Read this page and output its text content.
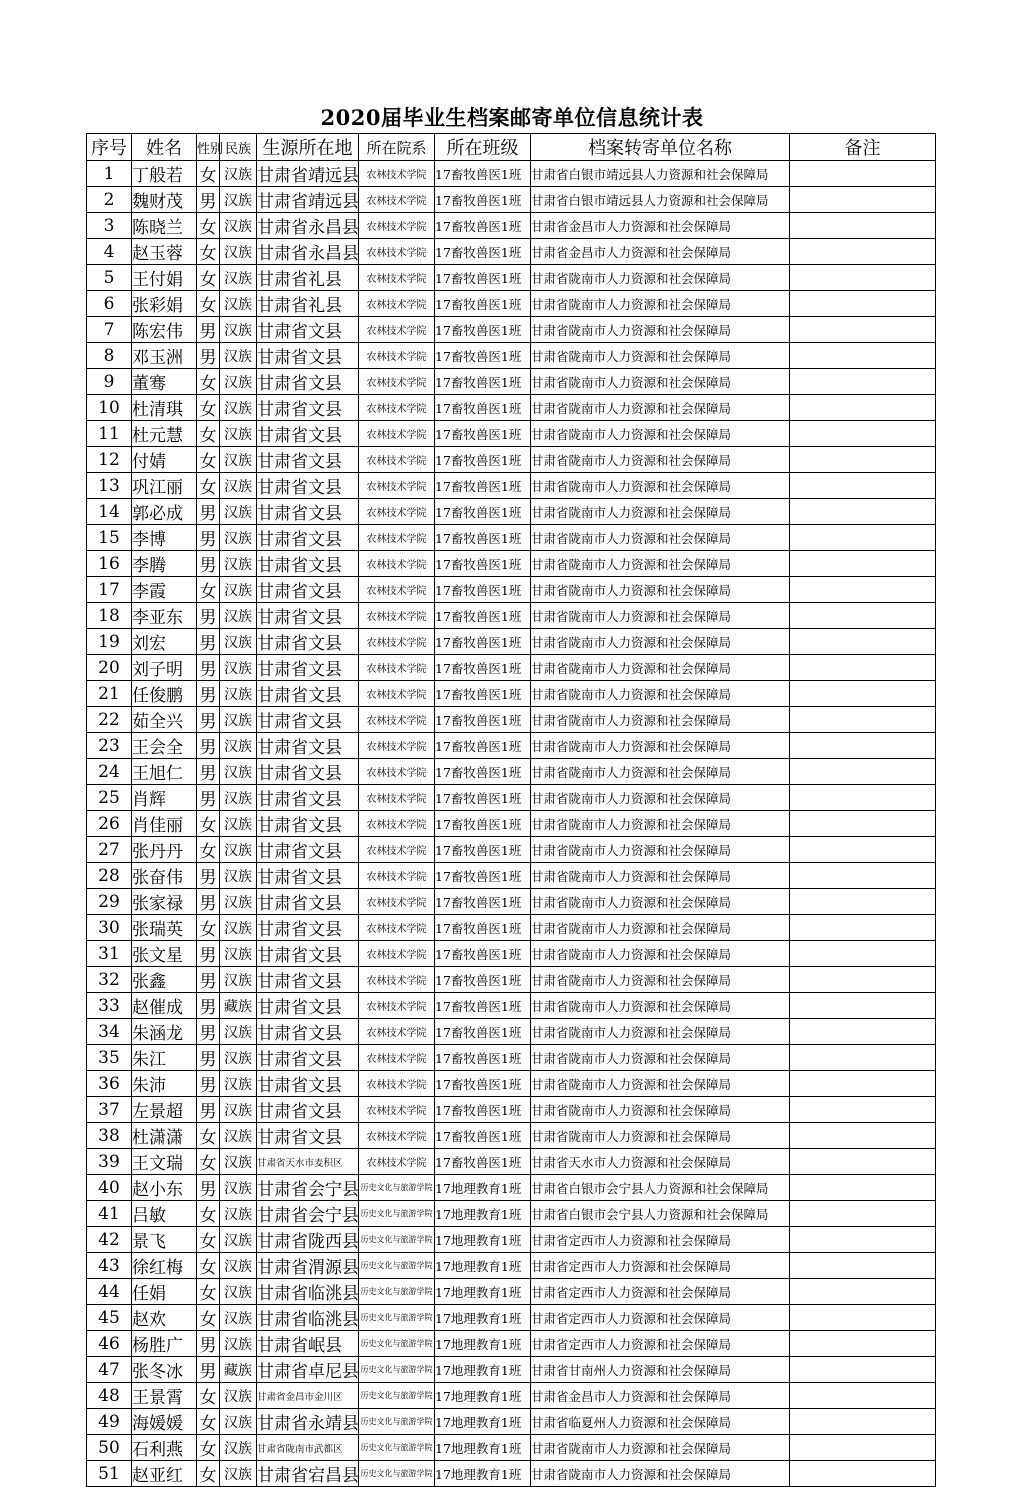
2020届毕业生档案邮寄单位信息统计表
序号	姓名	性别	民族	生源所在地	所在院系	所在班级	档案转寄单位名称	备注
1	丁般若	女	汉族	甘肃省靖远县	农林技术学院	17畜牧兽医1班	甘肃省白银市靖远县人力资源和社会保障局	
2	魏财茂	男	汉族	甘肃省靖远县	农林技术学院	17畜牧兽医1班	甘肃省白银市靖远县人力资源和社会保障局	
3	陈晓兰	女	汉族	甘肃省永昌县	农林技术学院	17畜牧兽医1班	甘肃省金昌市人力资源和社会保障局	
4	赵玉蓉	女	汉族	甘肃省永昌县	农林技术学院	17畜牧兽医1班	甘肃省金昌市人力资源和社会保障局	
5	王付娟	女	汉族	甘肃省礼县	农林技术学院	17畜牧兽医1班	甘肃省陇南市人力资源和社会保障局	
6	张彩娟	女	汉族	甘肃省礼县	农林技术学院	17畜牧兽医1班	甘肃省陇南市人力资源和社会保障局	
7	陈宏伟	男	汉族	甘肃省文县	农林技术学院	17畜牧兽医1班	甘肃省陇南市人力资源和社会保障局	
8	邓玉洲	男	汉族	甘肃省文县	农林技术学院	17畜牧兽医1班	甘肃省陇南市人力资源和社会保障局	
9	董骞	女	汉族	甘肃省文县	农林技术学院	17畜牧兽医1班	甘肃省陇南市人力资源和社会保障局	
10	杜清琪	女	汉族	甘肃省文县	农林技术学院	17畜牧兽医1班	甘肃省陇南市人力资源和社会保障局	
11	杜元慧	女	汉族	甘肃省文县	农林技术学院	17畜牧兽医1班	甘肃省陇南市人力资源和社会保障局	
12	付婧	女	汉族	甘肃省文县	农林技术学院	17畜牧兽医1班	甘肃省陇南市人力资源和社会保障局	
13	巩江丽	女	汉族	甘肃省文县	农林技术学院	17畜牧兽医1班	甘肃省陇南市人力资源和社会保障局	
14	郭必成	男	汉族	甘肃省文县	农林技术学院	17畜牧兽医1班	甘肃省陇南市人力资源和社会保障局	
15	李博	男	汉族	甘肃省文县	农林技术学院	17畜牧兽医1班	甘肃省陇南市人力资源和社会保障局	
16	李腾	男	汉族	甘肃省文县	农林技术学院	17畜牧兽医1班	甘肃省陇南市人力资源和社会保障局	
17	李霞	女	汉族	甘肃省文县	农林技术学院	17畜牧兽医1班	甘肃省陇南市人力资源和社会保障局	
18	李亚东	男	汉族	甘肃省文县	农林技术学院	17畜牧兽医1班	甘肃省陇南市人力资源和社会保障局	
19	刘宏	男	汉族	甘肃省文县	农林技术学院	17畜牧兽医1班	甘肃省陇南市人力资源和社会保障局	
20	刘子明	男	汉族	甘肃省文县	农林技术学院	17畜牧兽医1班	甘肃省陇南市人力资源和社会保障局	
21	任俊鹏	男	汉族	甘肃省文县	农林技术学院	17畜牧兽医1班	甘肃省陇南市人力资源和社会保障局	
22	茹全兴	男	汉族	甘肃省文县	农林技术学院	17畜牧兽医1班	甘肃省陇南市人力资源和社会保障局	
23	王会全	男	汉族	甘肃省文县	农林技术学院	17畜牧兽医1班	甘肃省陇南市人力资源和社会保障局	
24	王旭仁	男	汉族	甘肃省文县	农林技术学院	17畜牧兽医1班	甘肃省陇南市人力资源和社会保障局	
25	肖辉	男	汉族	甘肃省文县	农林技术学院	17畜牧兽医1班	甘肃省陇南市人力资源和社会保障局	
26	肖佳丽	女	汉族	甘肃省文县	农林技术学院	17畜牧兽医1班	甘肃省陇南市人力资源和社会保障局	
27	张丹丹	女	汉族	甘肃省文县	农林技术学院	17畜牧兽医1班	甘肃省陇南市人力资源和社会保障局	
28	张奋伟	男	汉族	甘肃省文县	农林技术学院	17畜牧兽医1班	甘肃省陇南市人力资源和社会保障局	
29	张家禄	男	汉族	甘肃省文县	农林技术学院	17畜牧兽医1班	甘肃省陇南市人力资源和社会保障局	
30	张瑞英	女	汉族	甘肃省文县	农林技术学院	17畜牧兽医1班	甘肃省陇南市人力资源和社会保障局	
31	张文星	男	汉族	甘肃省文县	农林技术学院	17畜牧兽医1班	甘肃省陇南市人力资源和社会保障局	
32	张鑫	男	汉族	甘肃省文县	农林技术学院	17畜牧兽医1班	甘肃省陇南市人力资源和社会保障局	
33	赵催成	男	藏族	甘肃省文县	农林技术学院	17畜牧兽医1班	甘肃省陇南市人力资源和社会保障局	
34	朱涵龙	男	汉族	甘肃省文县	农林技术学院	17畜牧兽医1班	甘肃省陇南市人力资源和社会保障局	
35	朱江	男	汉族	甘肃省文县	农林技术学院	17畜牧兽医1班	甘肃省陇南市人力资源和社会保障局	
36	朱沛	男	汉族	甘肃省文县	农林技术学院	17畜牧兽医1班	甘肃省陇南市人力资源和社会保障局	
37	左景超	男	汉族	甘肃省文县	农林技术学院	17畜牧兽医1班	甘肃省陇南市人力资源和社会保障局	
38	杜潇潇	女	汉族	甘肃省文县	农林技术学院	17畜牧兽医1班	甘肃省陇南市人力资源和社会保障局	
39	王文瑞	女	汉族	甘肃省天水市麦积区	农林技术学院	17畜牧兽医1班	甘肃省天水市人力资源和社会保障局	
40	赵小东	男	汉族	甘肃省会宁县	历史文化与旅游学院	17地理教育1班	甘肃省白银市会宁县人力资源和社会保障局	
41	吕敏	女	汉族	甘肃省会宁县	历史文化与旅游学院	17地理教育1班	甘肃省白银市会宁县人力资源和社会保障局	
42	景飞	女	汉族	甘肃省陇西县	历史文化与旅游学院	17地理教育1班	甘肃省定西市人力资源和社会保障局	
43	徐红梅	女	汉族	甘肃省渭源县	历史文化与旅游学院	17地理教育1班	甘肃省定西市人力资源和社会保障局	
44	任娟	女	汉族	甘肃省临洮县	历史文化与旅游学院	17地理教育1班	甘肃省定西市人力资源和社会保障局	
45	赵欢	女	汉族	甘肃省临洮县	历史文化与旅游学院	17地理教育1班	甘肃省定西市人力资源和社会保障局	
46	杨胜广	男	汉族	甘肃省岷县	历史文化与旅游学院	17地理教育1班	甘肃省定西市人力资源和社会保障局	
47	张冬冰	男	藏族	甘肃省卓尼县	历史文化与旅游学院	17地理教育1班	甘肃省甘南州人力资源和社会保障局	
48	王景霄	女	汉族	甘肃省金昌市金川区	历史文化与旅游学院	17地理教育1班	甘肃省金昌市人力资源和社会保障局	
49	海媛媛	女	汉族	甘肃省永靖县	历史文化与旅游学院	17地理教育1班	甘肃省临夏州人力资源和社会保障局	
50	石利燕	女	汉族	甘肃省陇南市武都区	历史文化与旅游学院	17地理教育1班	甘肃省陇南市人力资源和社会保障局	
51	赵亚红	女	汉族	甘肃省宕昌县	历史文化与旅游学院	17地理教育1班	甘肃省陇南市人力资源和社会保障局	
